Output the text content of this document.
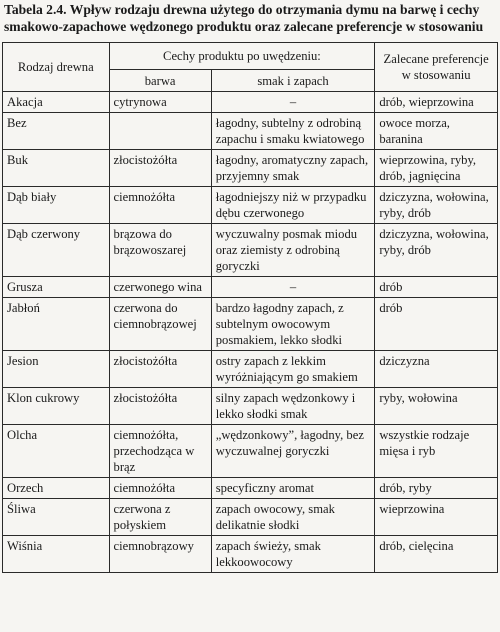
Tabela 2.4. Wpływ rodzaju drewna użytego do otrzymania dymu na barwę i cechy smakowo-zapachowe wędzonego produktu oraz zalecane preferencje w stosowaniu
Rodzaj drewna	Cechy produktu po uwędzeniu:		Zalecane preferencje w stosowaniu
	barwa	smak i zapach	
Akacja	cytrynowa	–	drób, wieprzowina
Bez		łagodny, subtelny z odrobiną zapachu i smaku kwiatowego	owoce morza, baranina
Buk	złocistożółta	łagodny, aromatyczny zapach, przyjemny smak	wieprzowina, ryby, drób, jagnięcina
Dąb biały	ciemnożółta	łagodniejszy niż w przypadku dębu czerwonego	dziczyzna, wołowina, ryby, drób
Dąb czerwony	brązowa do brązowoszarej	wyczuwalny posmak miodu oraz ziemisty z odrobiną goryczki	dziczyzna, wołowina, ryby, drób
Grusza	czerwonego wina	–	drób
Jabłoń	czerwona do ciemnobrązowej	bardzo łagodny zapach, z subtelnym owocowym posmakiem, lekko słodki	drób
Jesion	złocistożółta	ostry zapach z lekkim wyróżniającym go smakiem	dziczyzna
Klon cukrowy	złocistożółta	silny zapach wędzonkowy i lekko słodki smak	ryby, wołowina
Olcha	ciemnożółta, przechodząca w brąz	„wędzonkowy”, łagodny, bez wyczuwalnej goryczki	wszystkie rodzaje mięsa i ryb
Orzech	ciemnożółta	specyficzny aromat	drób, ryby
Śliwa	czerwona z połyskiem	zapach owocowy, smak delikatnie słodki	wieprzowina
Wiśnia	ciemnobrązowy	zapach świeży, smak lekkoowocowy	drób, cielęcina
